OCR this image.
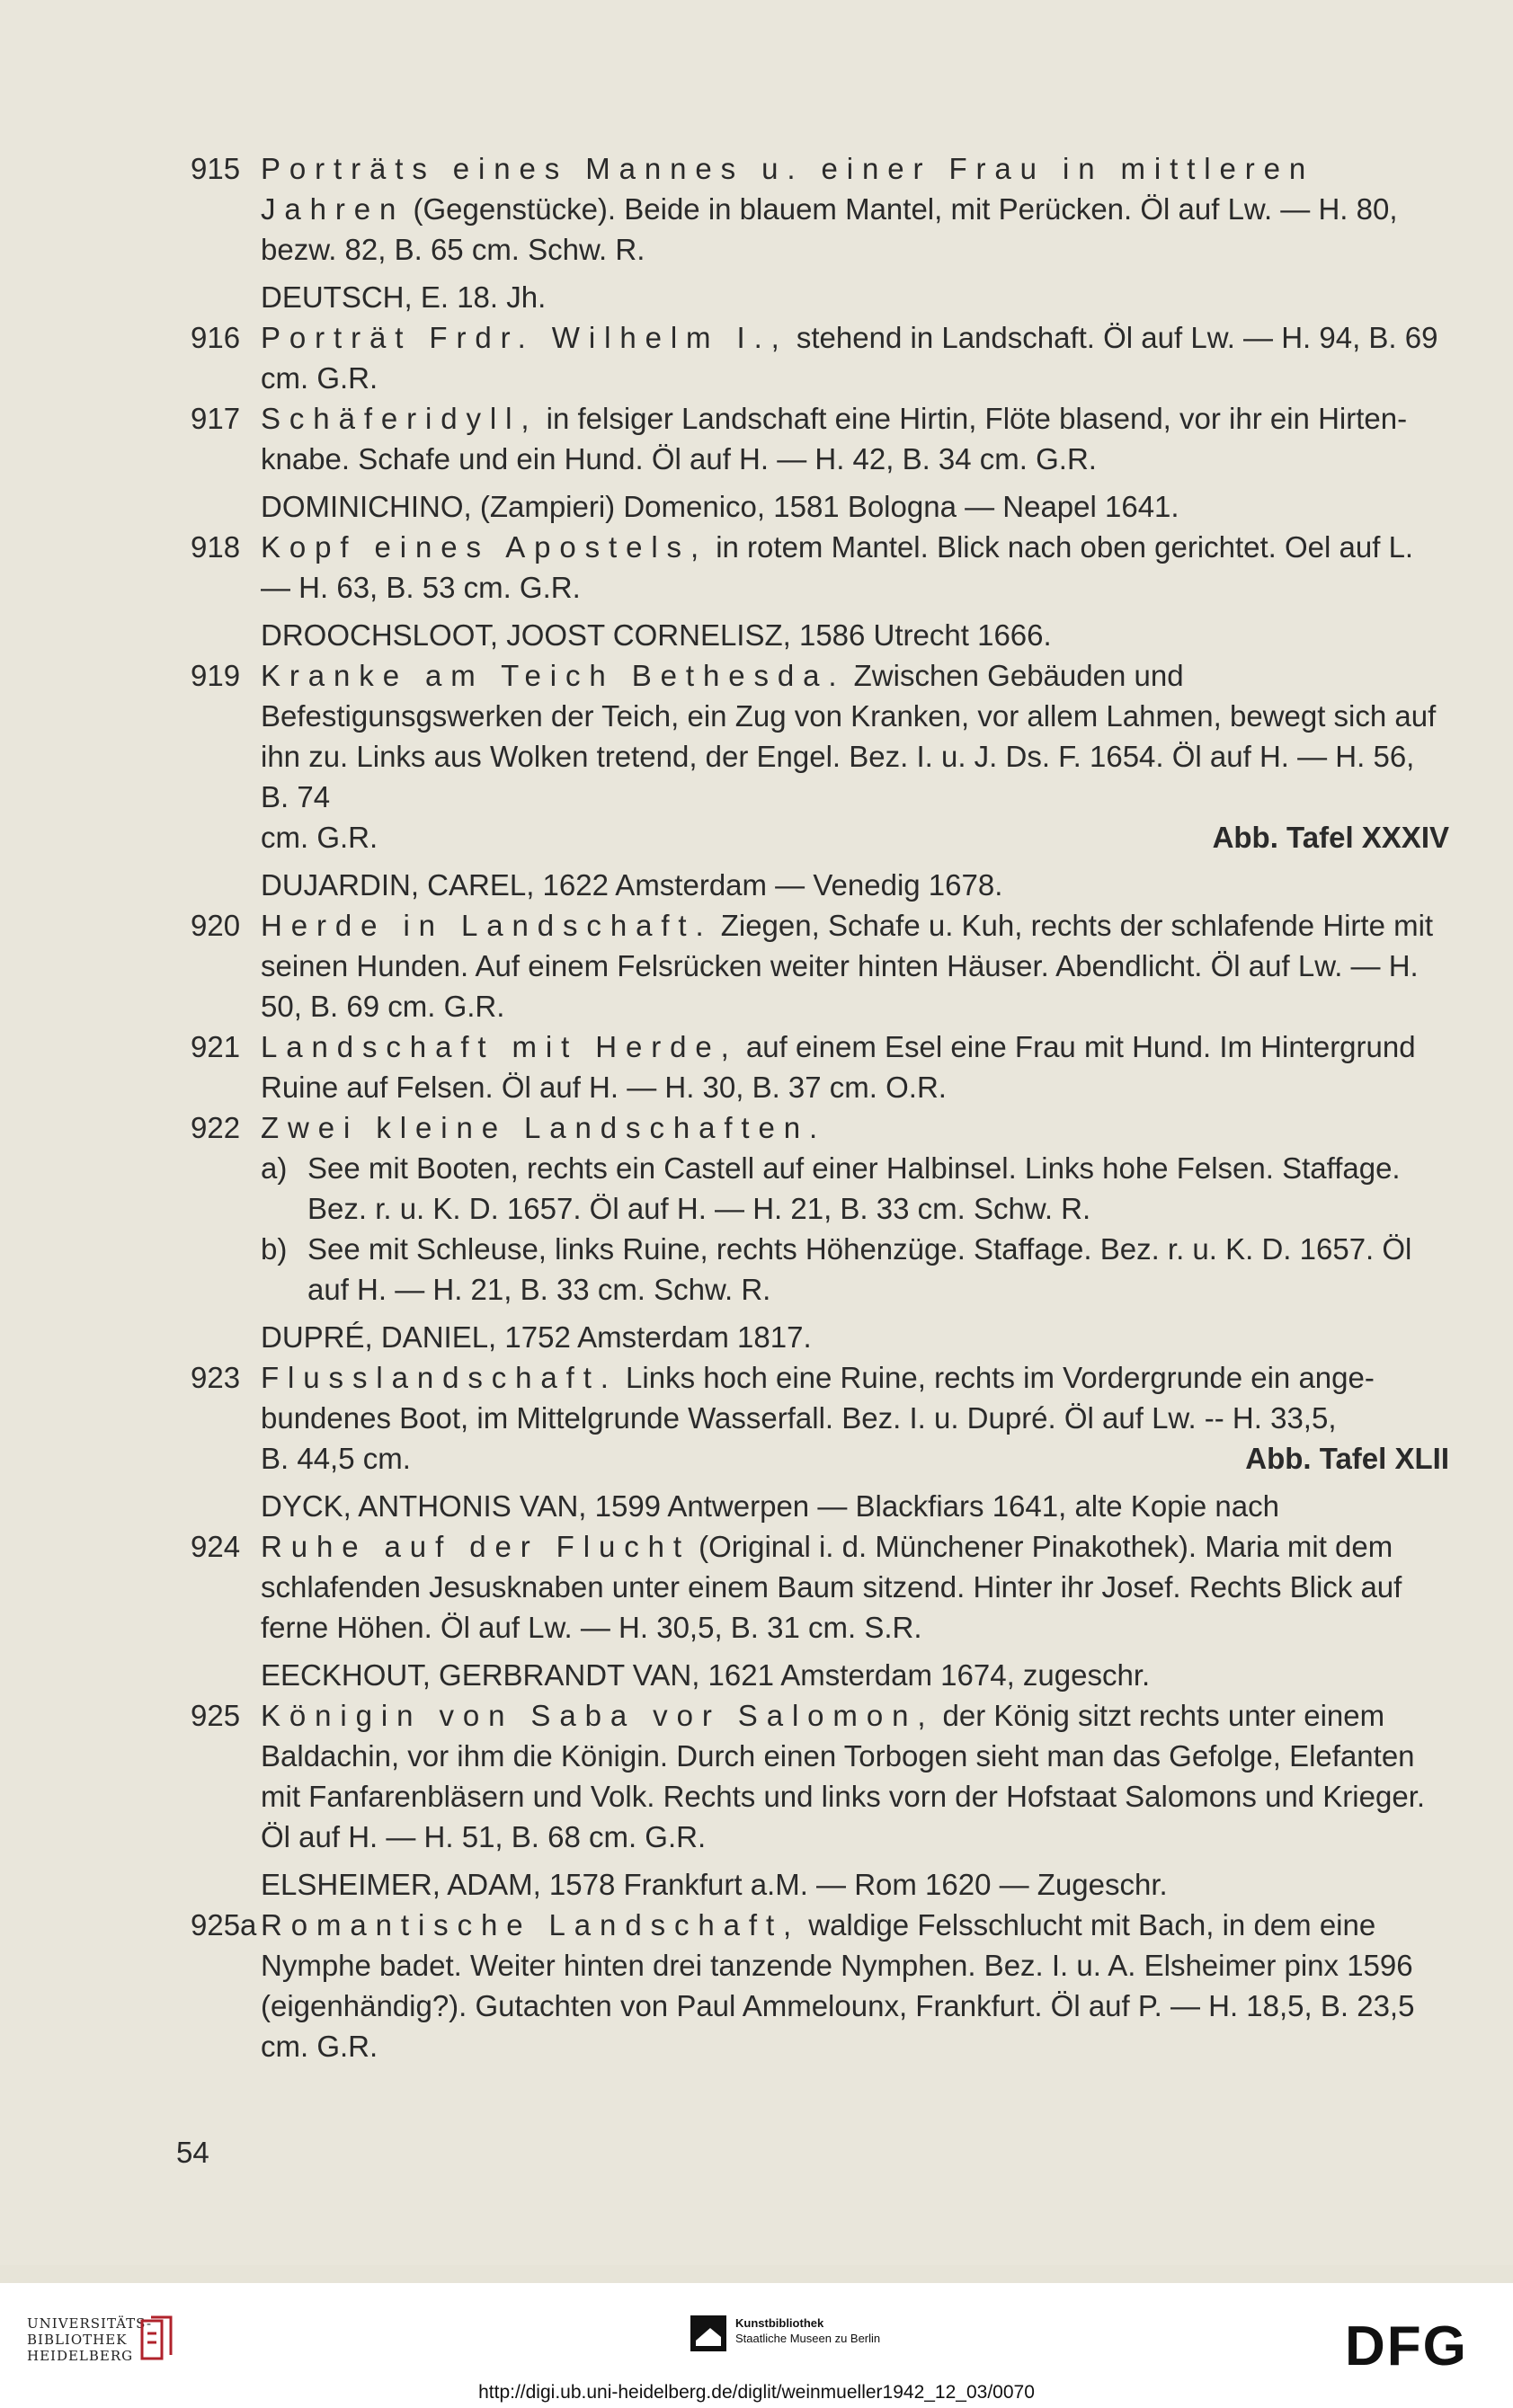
915 Porträts eines Mannes u. einer Frau in mittleren Jahren (Gegenstücke). Beide in blauem Mantel, mit Perücken. Öl auf Lw. — H. 80, bezw. 82, B. 65 cm. Schw. R.
DEUTSCH, E. 18. Jh.
916 Porträt Frdr. Wilhelm I., stehend in Landschaft. Öl auf Lw. — H. 94, B. 69 cm. G.R.
917 Schäferidyll, in felsiger Landschaft eine Hirtin, Flöte blasend, vor ihr ein Hirtenknabe. Schafe und ein Hund. Öl auf H. — H. 42, B. 34 cm. G.R.
DOMINICHINO, (Zampieri) Domenico, 1581 Bologna — Neapel 1641.
918 Kopf eines Apostels, in rotem Mantel. Blick nach oben gerichtet. Oel auf L. — H. 63, B. 53 cm. G.R.
DROOCHSLOOT, JOOST CORNELISZ, 1586 Utrecht 1666.
919 Kranke am Teich Bethesda. Zwischen Gebäuden und Befestigunsgswerken der Teich, ein Zug von Kranken, vor allem Lahmen, bewegt sich auf ihn zu. Links aus Wolken tretend, der Engel. Bez. I. u. J. Ds. F. 1654. Öl auf H. — H. 56, B. 74
cm. G.R.	Abb. Tafel XXXIV
DUJARDIN, CAREL, 1622 Amsterdam — Venedig 1678.
920 Herde in Landschaft. Ziegen, Schafe u. Kuh, rechts der schlafende Hirte mit seinen Hunden. Auf einem Felsrücken weiter hinten Häuser. Abendlicht. Öl auf Lw. — H. 50, B. 69 cm. G.R.
921 Landschaft mit Herde, auf einem Esel eine Frau mit Hund. Im Hintergrund Ruine auf Felsen. Öl auf H. — H. 30, B. 37 cm. O.R.
922 Zwei kleine Landschaften.
a) See mit Booten, rechts ein Castell auf einer Halbinsel. Links hohe Felsen. Staffage. Bez. r. u. K. D. 1657. Öl auf H. — H. 21, B. 33 cm. Schw. R.
b) See mit Schleuse, links Ruine, rechts Höhenzüge. Staffage. Bez. r. u. K. D. 1657. Öl auf H. — H. 21, B. 33 cm. Schw. R.
DUPRÉ, DANIEL, 1752 Amsterdam 1817.
923 Flusslandschaft. Links hoch eine Ruine, rechts im Vordergrunde ein angebundenes Boot, im Mittelgrunde Wasserfall. Bez. I. u. Dupré. Öl auf Lw. -- H. 33,5,
B. 44,5 cm.	Abb. Tafel XLII
DYCK, ANTHONIS VAN, 1599 Antwerpen — Blackfiars 1641, alte Kopie nach
924 Ruhe auf der Flucht (Original i. d. Münchener Pinakothek). Maria mit dem schlafenden Jesusknaben unter einem Baum sitzend. Hinter ihr Josef. Rechts Blick auf ferne Höhen. Öl auf Lw. — H. 30,5, B. 31 cm. S.R.
EECKHOUT, GERBRANDT VAN, 1621 Amsterdam 1674, zugeschr.
925 Königin von Saba vor Salomon, der König sitzt rechts unter einem Baldachin, vor ihm die Königin. Durch einen Torbogen sieht man das Gefolge, Elefanten mit Fanfarenbläsern und Volk. Rechts und links vorn der Hofstaat Salomons und Krieger. Öl auf H. — H. 51, B. 68 cm. G.R.
ELSHEIMER, ADAM, 1578 Frankfurt a.M. — Rom 1620 — Zugeschr.
925a Romantische Landschaft, waldige Felsschlucht mit Bach, in dem eine Nymphe badet. Weiter hinten drei tanzende Nymphen. Bez. I. u. A. Elsheimer pinx 1596 (eigenhändig?). Gutachten von Paul Ammelounx, Frankfurt. Öl auf P. — H. 18,5, B. 23,5 cm. G.R.
54
UNIVERSITÄTS-
BIBLIOTHEK
HEIDELBERG
Kunstbibliothek
Staatliche Museen zu Berlin	DFG
http://digi.ub.uni-heidelberg.de/diglit/weinmueller1942_12_03/0070
